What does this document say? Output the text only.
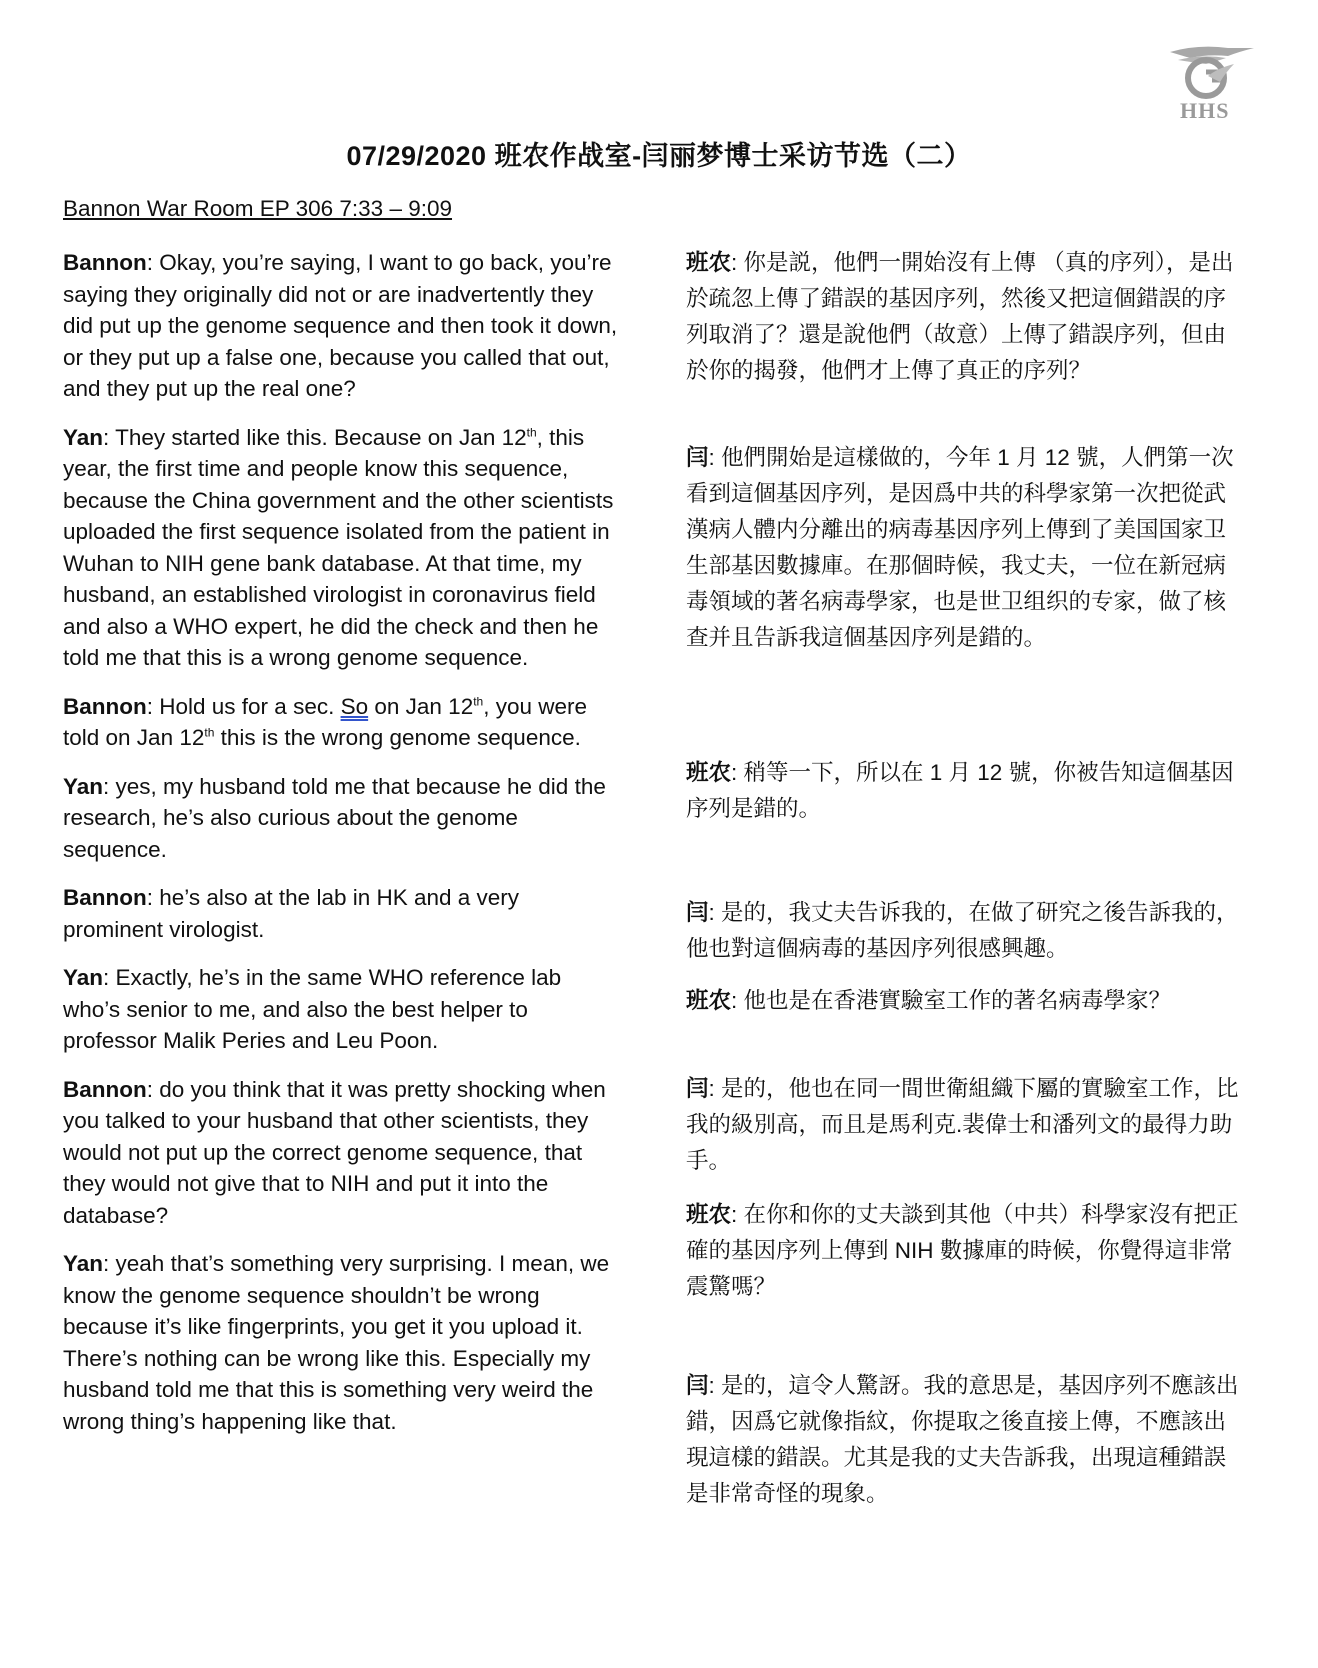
HHS
07/29/2020 班农作战室-闫丽梦博士采访节选（二）
Bannon War Room EP 306 7:33 – 9:09

Bannon: Okay, you’re saying, I want to go back, you’re saying they originally did not or are inadvertently they did put up the genome sequence and then took it down, or they put up a false one, because you called that out, and they put up the real one?

Yan: They started like this. Because on Jan 12th, this year, the first time and people know this sequence, because the China government and the other scientists uploaded the first sequence isolated from the patient in Wuhan to NIH gene bank database. At that time, my husband, an established virologist in coronavirus field and also a WHO expert, he did the check and then he told me that this is a wrong genome sequence.

Bannon: Hold us for a sec. So on Jan 12th, you were told on Jan 12th this is the wrong genome sequence.

Yan: yes, my husband told me that because he did the research, he’s also curious about the genome sequence.

Bannon: he’s also at the lab in HK and a very prominent virologist.

Yan: Exactly, he’s in the same WHO reference lab who’s senior to me, and also the best helper to professor Malik Peries and Leu Poon.

Bannon: do you think that it was pretty shocking when you talked to your husband that other scientists, they would not put up the correct genome sequence, that they would not give that to NIH and put it into the database?

Yan: yeah that’s something very surprising. I mean, we know the genome sequence shouldn’t be wrong because it’s like fingerprints, you get it you upload it. There’s nothing can be wrong like this. Especially my husband told me that this is something very weird the wrong thing’s happening like that.

班农: 你是説，他們一開始沒有上傳 （真的序列），是出於疏忽上傳了錯誤的基因序列，然後又把這個錯誤的序列取消了？還是說他們（故意）上傳了錯誤序列，但由於你的揭發，他們才上傳了真正的序列？

闫: 他們開始是這樣做的，今年 1 月 12 號，人們第一次看到這個基因序列，是因爲中共的科學家第一次把從武漢病人體内分離出的病毒基因序列上傳到了美国国家卫生部基因數據庫。在那個時候，我丈夫，一位在新冠病毒領域的著名病毒學家，也是世卫组织的专家，做了核查并且告訴我這個基因序列是錯的。

班农: 稍等一下，所以在 1 月 12 號，你被告知這個基因序列是錯的。

闫: 是的，我丈夫告诉我的，在做了研究之後告訴我的，他也對這個病毒的基因序列很感興趣。

班农: 他也是在香港實驗室工作的著名病毒學家？

闫: 是的，他也在同一間世衛組織下屬的實驗室工作，比我的級別高，而且是馬利克.裴偉士和潘列文的最得力助手。

班农: 在你和你的丈夫談到其他（中共）科學家沒有把正確的基因序列上傳到 NIH 數據庫的時候，你覺得這非常震驚嗎？

闫: 是的，這令人驚訝。我的意思是，基因序列不應該出錯，因爲它就像指紋，你提取之後直接上傳，不應該出現這樣的錯誤。尤其是我的丈夫告訴我，出現這種錯誤是非常奇怪的現象。
